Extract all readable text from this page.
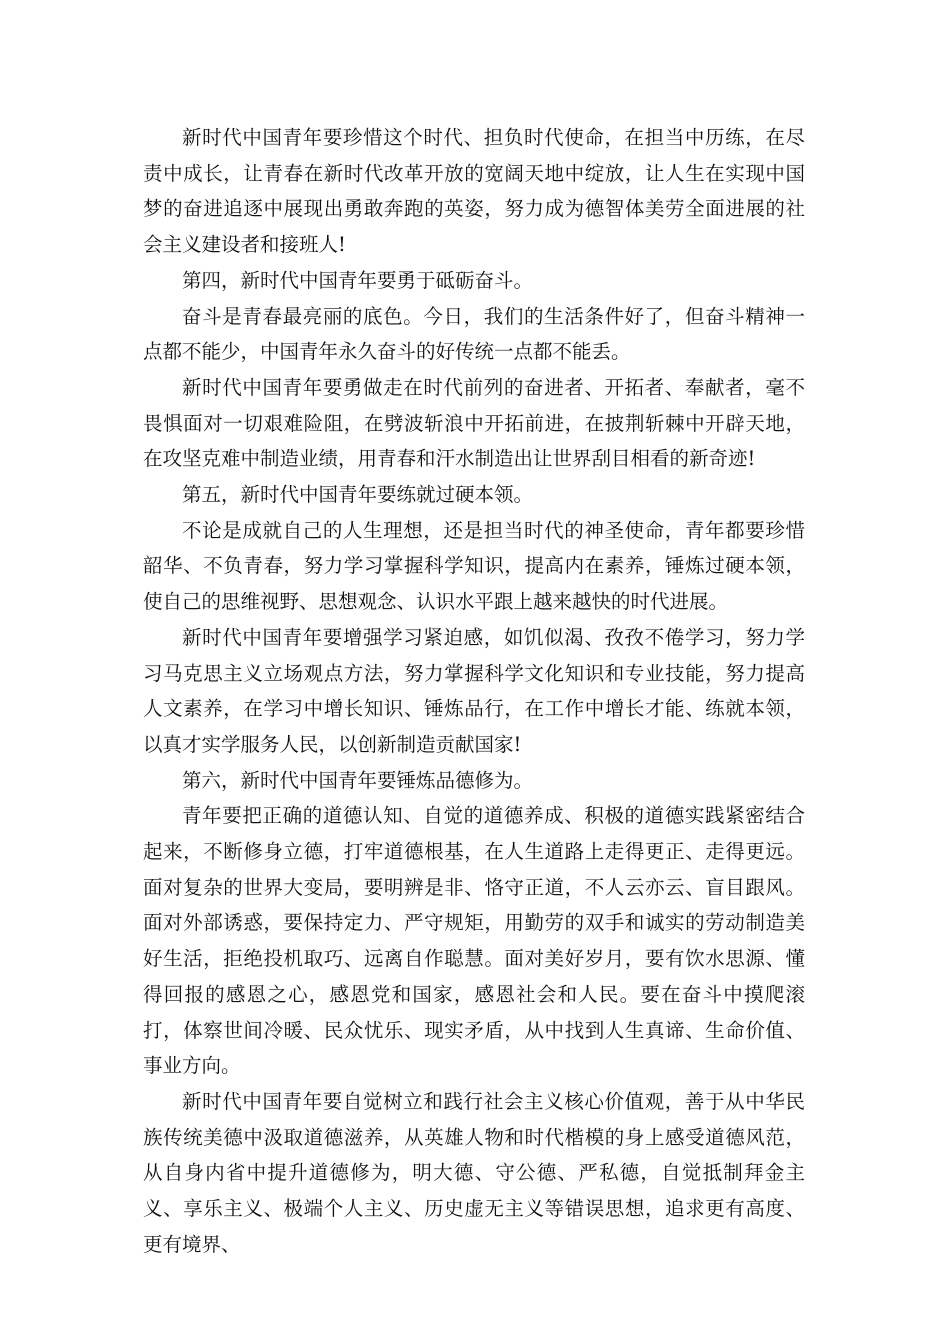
新时代中国青年要珍惜这个时代、担负时代使命，在担当中历练，在尽责中成长，让青春在新时代改革开放的宽阔天地中绽放，让人生在实现中国梦的奋进追逐中展现出勇敢奔跑的英姿，努力成为德智体美劳全面进展的社会主义建设者和接班人!

第四，新时代中国青年要勇于砥砺奋斗。

奋斗是青春最亮丽的底色。今日，我们的生活条件好了，但奋斗精神一点都不能少，中国青年永久奋斗的好传统一点都不能丢。

新时代中国青年要勇做走在时代前列的奋进者、开拓者、奉献者，毫不畏惧面对一切艰难险阻，在劈波斩浪中开拓前进，在披荆斩棘中开辟天地，在攻坚克难中制造业绩，用青春和汗水制造出让世界刮目相看的新奇迹!

第五，新时代中国青年要练就过硬本领。

不论是成就自己的人生理想，还是担当时代的神圣使命，青年都要珍惜韶华、不负青春，努力学习掌握科学知识，提高内在素养，锤炼过硬本领，使自己的思维视野、思想观念、认识水平跟上越来越快的时代进展。

新时代中国青年要增强学习紧迫感，如饥似渴、孜孜不倦学习，努力学习马克思主义立场观点方法，努力掌握科学文化知识和专业技能，努力提高人文素养，在学习中增长知识、锤炼品行，在工作中增长才能、练就本领，以真才实学服务人民，以创新制造贡献国家!

第六，新时代中国青年要锤炼品德修为。

青年要把正确的道德认知、自觉的道德养成、积极的道德实践紧密结合起来，不断修身立德，打牢道德根基，在人生道路上走得更正、走得更远。面对复杂的世界大变局，要明辨是非、恪守正道，不人云亦云、盲目跟风。面对外部诱惑，要保持定力、严守规矩，用勤劳的双手和诚实的劳动制造美好生活，拒绝投机取巧、远离自作聪慧。面对美好岁月，要有饮水思源、懂得回报的感恩之心，感恩党和国家，感恩社会和人民。要在奋斗中摸爬滚打，体察世间冷暖、民众忧乐、现实矛盾，从中找到人生真谛、生命价值、事业方向。

新时代中国青年要自觉树立和践行社会主义核心价值观，善于从中华民族传统美德中汲取道德滋养，从英雄人物和时代楷模的身上感受道德风范，从自身内省中提升道德修为，明大德、守公德、严私德，自觉抵制拜金主义、享乐主义、极端个人主义、历史虚无主义等错误思想，追求更有高度、更有境界、
